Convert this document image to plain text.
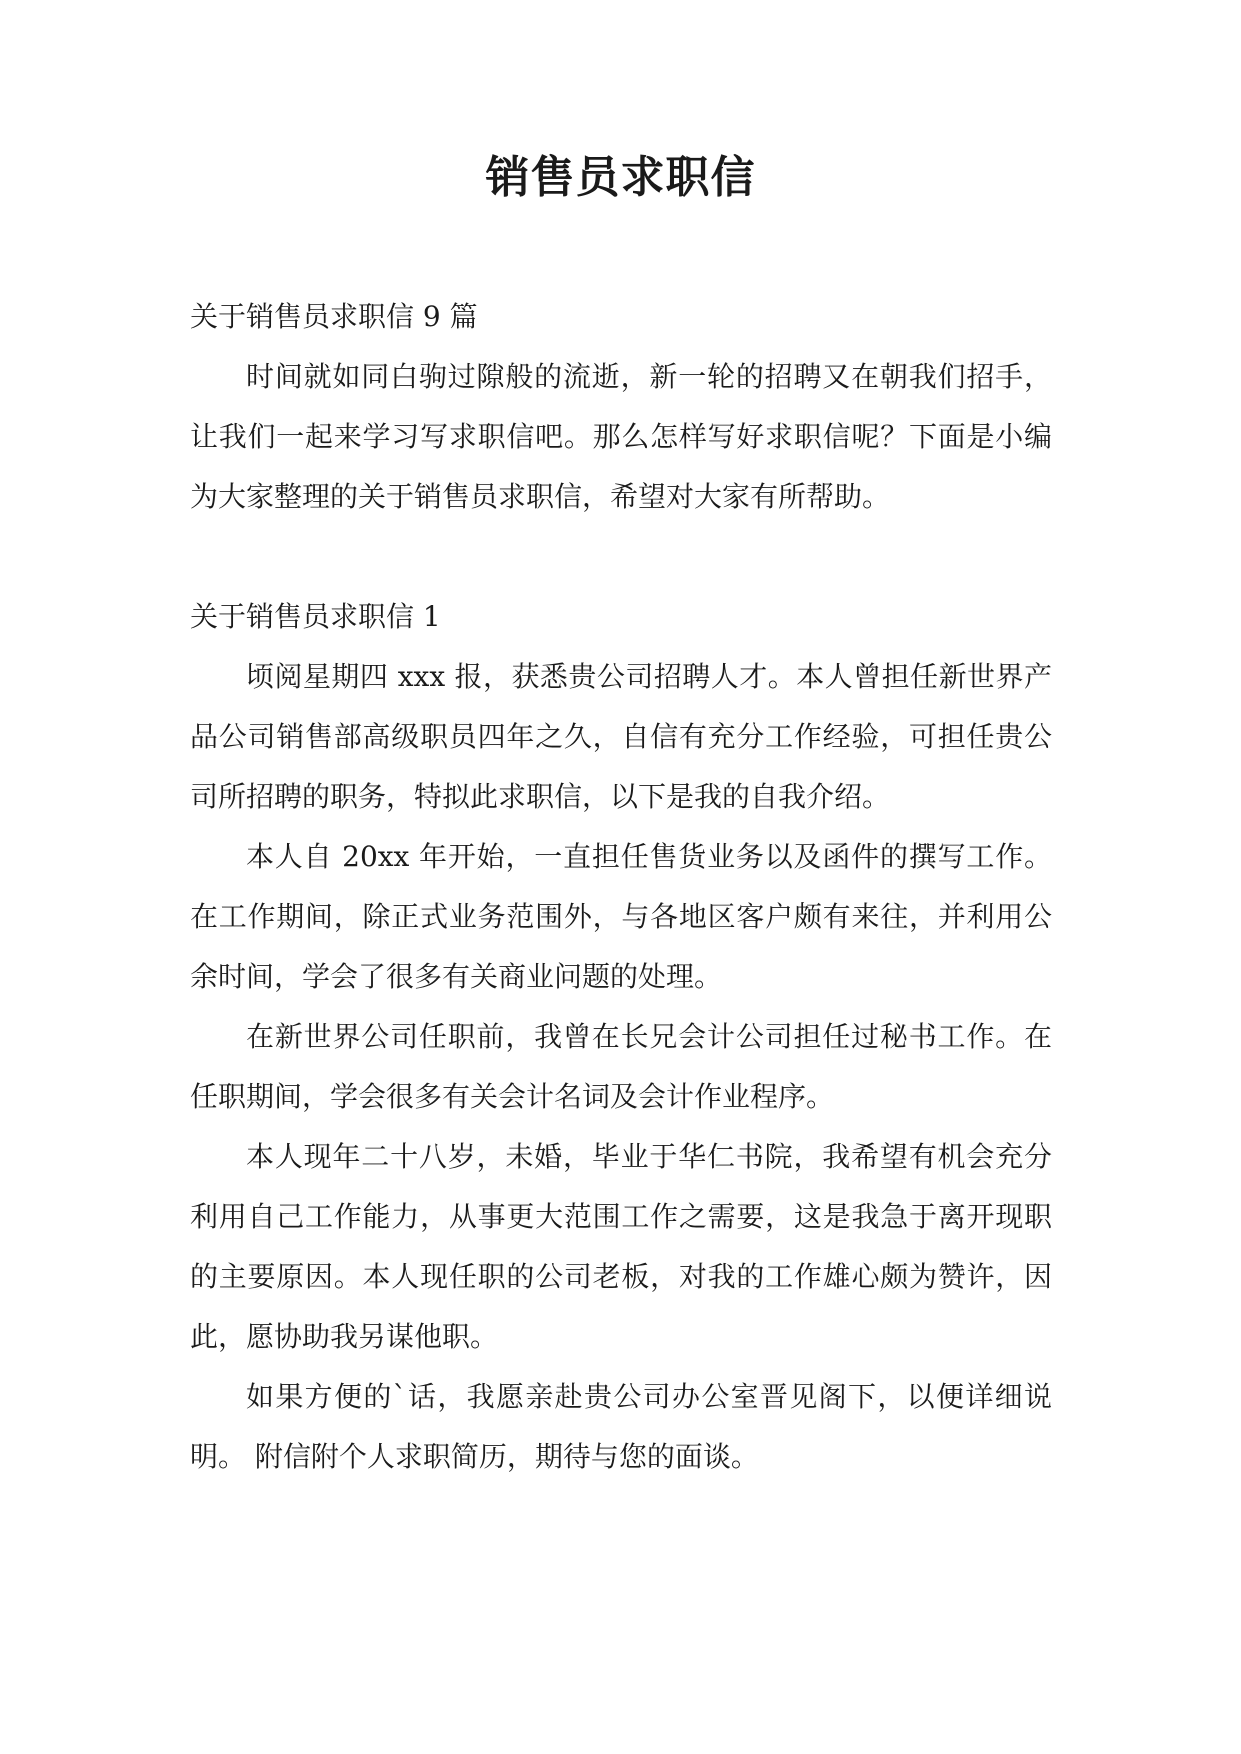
销售员求职信

关于销售员求职信 9 篇

时间就如同白驹过隙般的流逝，新一轮的招聘又在朝我们招手，让我们一起来学习写求职信吧。那么怎样写好求职信呢？下面是小编为大家整理的关于销售员求职信，希望对大家有所帮助。

关于销售员求职信 1

顷阅星期四 xxx 报，获悉贵公司招聘人才。本人曾担任新世界产品公司销售部高级职员四年之久，自信有充分工作经验，可担任贵公司所招聘的职务，特拟此求职信，以下是我的自我介绍。

本人自 20xx 年开始，一直担任售货业务以及函件的撰写工作。在工作期间，除正式业务范围外，与各地区客户颇有来往，并利用公余时间，学会了很多有关商业问题的处理。

在新世界公司任职前，我曾在长兄会计公司担任过秘书工作。在任职期间，学会很多有关会计名词及会计作业程序。

本人现年二十八岁，未婚，毕业于华仁书院，我希望有机会充分利用自己工作能力，从事更大范围工作之需要，这是我急于离开现职的主要原因。本人现任职的公司老板，对我的工作雄心颇为赞许，因此，愿协助我另谋他职。

如果方便的`话，我愿亲赴贵公司办公室晋见阁下，以便详细说明。 附信附个人求职简历，期待与您的面谈。
